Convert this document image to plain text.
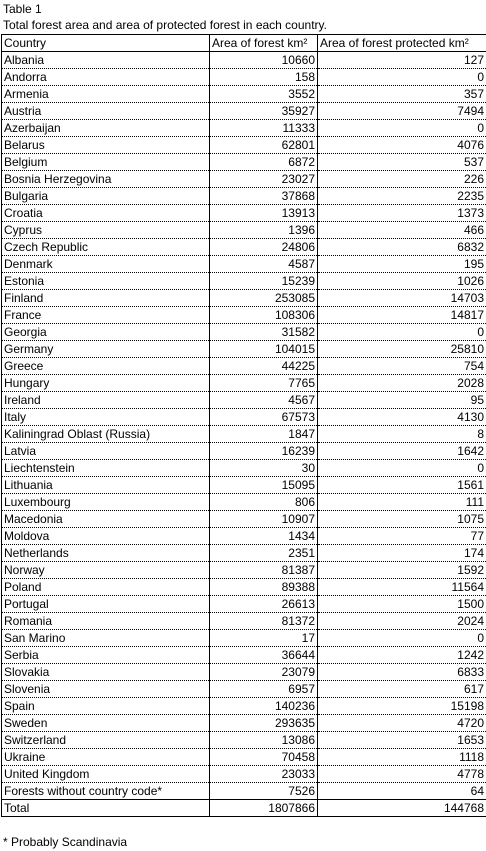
Table 1
Total forest area and area of protected forest in each country.
Country	Area of forest km²	Area of forest protected km²
Albania	10660	127
Andorra	158	0
Armenia	3552	357
Austria	35927	7494
Azerbaijan	11333	0
Belarus	62801	4076
Belgium	6872	537
Bosnia Herzegovina	23027	226
Bulgaria	37868	2235
Croatia	13913	1373
Cyprus	1396	466
Czech Republic	24806	6832
Denmark	4587	195
Estonia	15239	1026
Finland	253085	14703
France	108306	14817
Georgia	31582	0
Germany	104015	25810
Greece	44225	754
Hungary	7765	2028
Ireland	4567	95
Italy	67573	4130
Kaliningrad Oblast (Russia)	1847	8
Latvia	16239	1642
Liechtenstein	30	0
Lithuania	15095	1561
Luxembourg	806	111
Macedonia	10907	1075
Moldova	1434	77
Netherlands	2351	174
Norway	81387	1592
Poland	89388	11564
Portugal	26613	1500
Romania	81372	2024
San Marino	17	0
Serbia	36644	1242
Slovakia	23079	6833
Slovenia	6957	617
Spain	140236	15198
Sweden	293635	4720
Switzerland	13086	1653
Ukraine	70458	1118
United Kingdom	23033	4778
Forests without country code*	7526	64
Total	1807866	144768
* Probably Scandinavia
